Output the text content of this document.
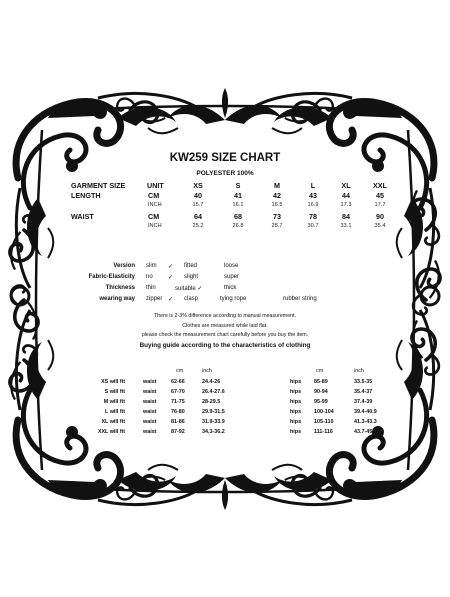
KW259 SIZE CHART
POLYESTER 100%
GARMENT SIZE	UNIT	XS	S	M	L	XL	XXL
LENGTH	CM	40	41	42	43	44	45
INCH	15.7	16.1	16.5	16.9	17.3	17.7
WAIST	CM	64	68	73	78	84	90
INCH	25.2	26.8	28.7	30.7	33.1	35.4
Version slim ✓ fitted	loose
Fabric-Elasticity no	✓ slight	super
Thickness thin	suitable ✓	thick
wearing way zipper ✓ clasp	tying rope	rubber string
There is 2-3% difference according to manual measurement.
Clothes are measured while laid flat.
please check the measurement chart carefully before you buy the item.
Buying guide according to the characteristics of clothing
cm	inch	cm	inch
XS will fit	waist	62-66	24.4-26	hips 85-89	33.5-35
S will fit	waist	67-70	26.4-27.6	hips 90-94	35.4-37
M will fit	waist	71-75	28-29.5	hips 95-99	37.4-39
L will fit	waist	76-80	29.9-31.5	hips 100-104	39.4-40.9
XL will fit	waist	81-86	31.9-33.9	hips 105-110	41.3-43.3
XXL will fit	waist	87-92	34.3-36.2	hips 111-116	43.7-45.7
